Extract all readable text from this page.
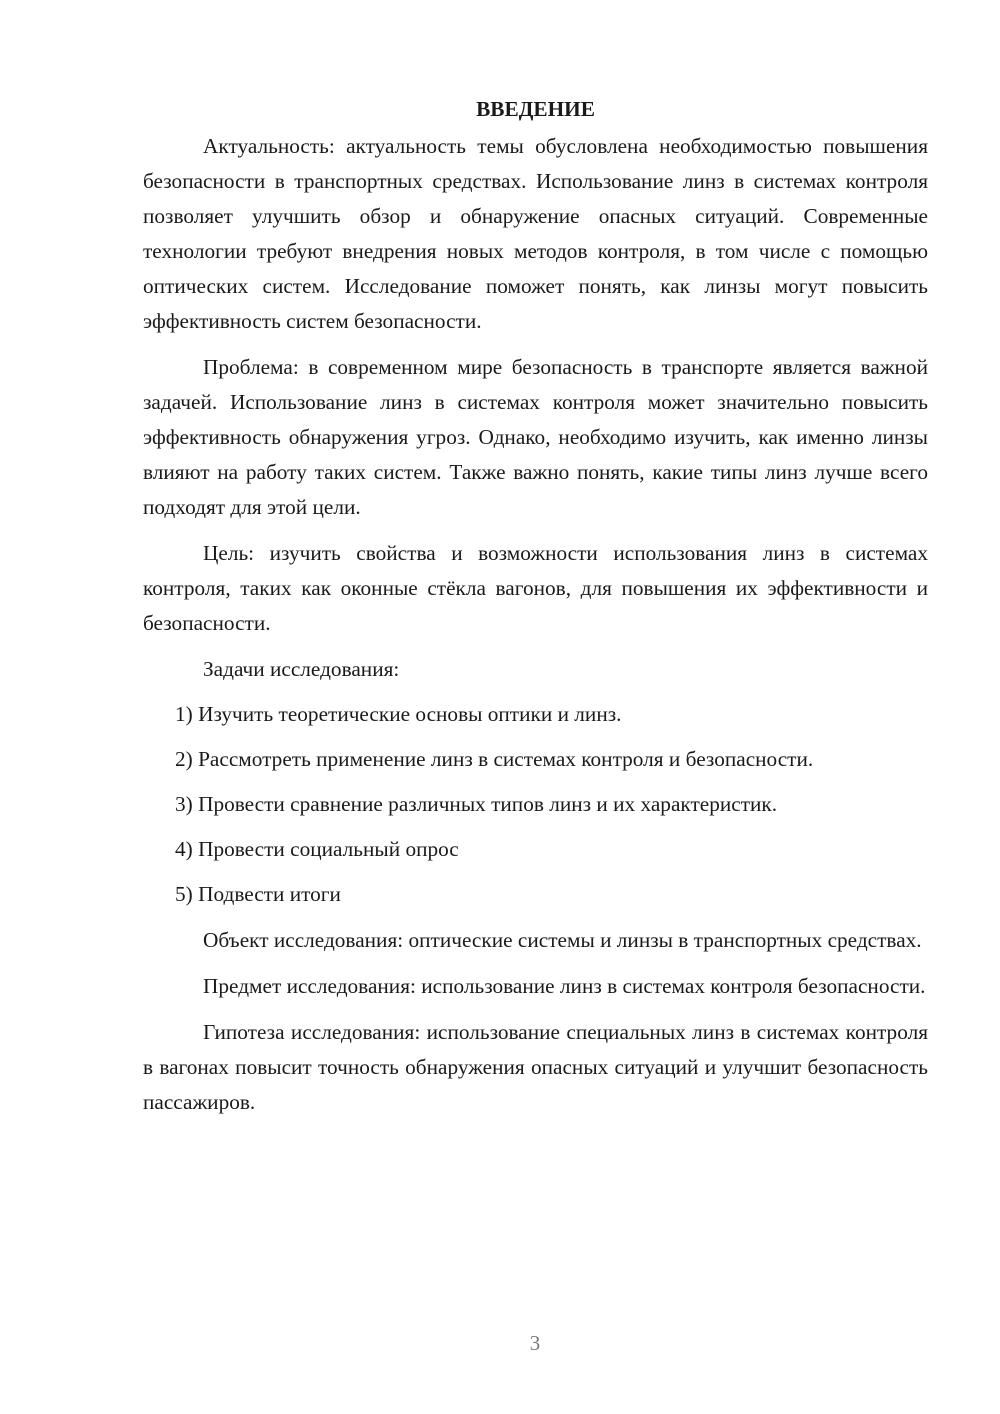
ВВЕДЕНИЕ

Актуальность: актуальность темы обусловлена необходимостью повышения безопасности в транспортных средствах. Использование линз в системах контроля позволяет улучшить обзор и обнаружение опасных ситуаций. Современные технологии требуют внедрения новых методов контроля, в том числе с помощью оптических систем. Исследование поможет понять, как линзы могут повысить эффективность систем безопасности.

Проблема: в современном мире безопасность в транспорте является важной задачей. Использование линз в системах контроля может значительно повысить эффективность обнаружения угроз. Однако, необходимо изучить, как именно линзы влияют на работу таких систем. Также важно понять, какие типы линз лучше всего подходят для этой цели.

Цель: изучить свойства и возможности использования линз в системах контроля, таких как оконные стёкла вагонов, для повышения их эффективности и безопасности.

Задачи исследования:

1) Изучить теоретические основы оптики и линз.
2) Рассмотреть применение линз в системах контроля и безопасности.
3) Провести сравнение различных типов линз и их характеристик.
4) Провести социальный опрос
5) Подвести итоги

Объект исследования: оптические системы и линзы в транспортных средствах.

Предмет исследования: использование линз в системах контроля безопасности.

Гипотеза исследования: использование специальных линз в системах контроля в вагонах повысит точность обнаружения опасных ситуаций и улучшит безопасность пассажиров.

3
